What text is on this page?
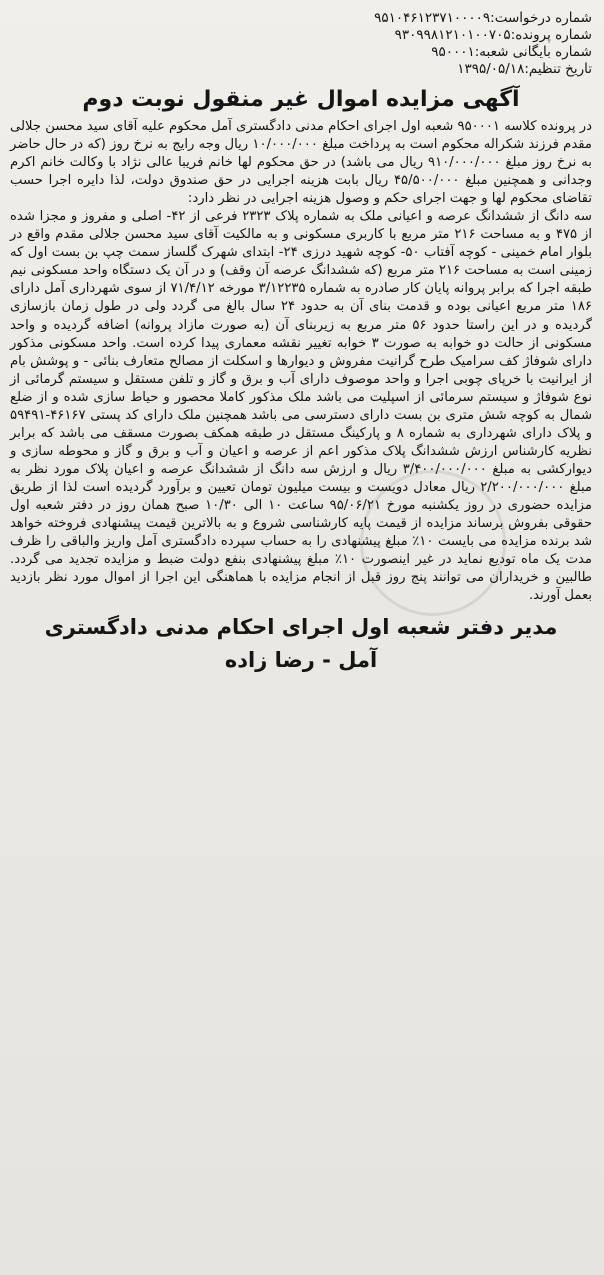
شماره درخواست:۹۵۱۰۴۶۱۲۳۷۱۰۰۰۰۹
شماره پرونده:۹۳۰۹۹۸۱۲۱۰۱۰۰۷۰۵
شماره بایگانی شعبه:۹۵۰۰۰۱
تاریخ تنظیم:۱۳۹۵/۰۵/۱۸
آگهی مزایده اموال غیر منقول نوبت دوم

در پرونده کلاسه ۹۵۰۰۰۱ شعبه اول اجرای احکام مدنی دادگستری آمل محکوم علیه آقای سید محسن جلالی مقدم فرزند شکراله محکوم است به پرداخت مبلغ ۱۰/۰۰۰/۰۰۰ ریال وجه رایج به نرخ روز (که در حال حاضر به نرخ روز مبلغ ۹۱۰/۰۰۰/۰۰۰ ریال می باشد) در حق محکوم لها خانم فریبا عالی نژاد با وکالت خانم اکرم وجدانی و همچنین مبلغ ۴۵/۵۰۰/۰۰۰ ریال بابت هزینه اجرایی در حق صندوق دولت، لذا دایره اجرا حسب تقاضای محکوم لها و جهت اجرای حکم و وصول هزینه اجرایی در نظر دارد:

سه دانگ از ششدانگ عرصه و اعیانی ملک به شماره پلاک ۲۳۲۳ فرعی از ۴۲- اصلی و مفروز و مجزا شده از ۴۷۵ و به مساحت ۲۱۶ متر مربع با کاربری مسکونی و به مالکیت آقای سید محسن جلالی مقدم واقع در بلوار امام خمینی - کوچه آفتاب ۵۰- کوچه شهید درزی ۲۴- ابتدای شهرک گلساز سمت چپ بن بست اول که زمینی است به مساحت ۲۱۶ متر مربع (که ششدانگ عرصه آن وقف) و در آن یک دستگاه واحد مسکونی نیم طبقه اجرا که برابر پروانه پایان کار صادره به شماره ۳/۱۲۲۳۵ مورخه ۷۱/۴/۱۲ از سوی شهرداری آمل دارای ۱۸۶ متر مربع اعیانی بوده و قدمت بنای آن به حدود ۲۴ سال بالغ می گردد ولی در طول زمان بازسازی گردیده و در این راستا حدود ۵۶ متر مربع به زیربنای آن (به صورت مازاد پروانه) اضافه گردیده و واحد مسکونی از حالت دو خوابه به صورت ۳ خوابه تغییر نقشه معماری پیدا کرده است. واحد مسکونی مذکور دارای شوفاژ کف سرامیک طرح گرانیت مفروش و دیوارها و اسکلت از مصالح متعارف بنائی - و پوشش بام از ایرانیت با خرپای چوبی اجرا و واحد موصوف دارای آب و برق و گاز و تلفن مستقل و سیستم گرمائی از نوع شوفاژ و سیستم سرمائی از اسپلیت می باشد ملک مذکور کاملا محصور و حیاط سازی شده و از ضلع شمال به کوچه شش متری بن بست دارای دسترسی می باشد همچنین ملک دارای کد پستی ۴۶۱۶۷-۵۹۴۹۱ و پلاک دارای شهرداری به شماره ۸ و پارکینگ مستقل در طبقه همکف بصورت مسقف می باشد که برابر نظریه کارشناس ارزش ششدانگ پلاک مذکور اعم از عرصه و اعیان و آب و برق و گاز و محوطه سازی و دیوارکشی به مبلغ ۳/۴۰۰/۰۰۰/۰۰۰ ریال و ارزش سه دانگ از ششدانگ عرصه و اعیان پلاک مورد نظر به مبلغ ۲/۲۰۰/۰۰۰/۰۰۰ ریال معادل دویست و بیست میلیون تومان تعیین و برآورد گردیده است لذا از طریق مزایده حضوری در روز یکشنبه مورخ ۹۵/۰۶/۲۱ ساعت ۱۰ الی ۱۰/۳۰ صبح همان روز در دفتر شعبه اول حقوقی بفروش برساند مزایده از قیمت پایه کارشناسی شروع و به بالاترین قیمت پیشنهادی فروخته خواهد شد برنده مزایده می بایست ۱۰٪ مبلغ پیشنهادی را به حساب سپرده دادگستری آمل واریز والباقی را ظرف مدت یک ماه تودیع نماید در غیر اینصورت ۱۰٪ مبلغ پیشنهادی بنفع دولت ضبط و مزایده تجدید می گردد. طالبین و خریداران می توانند پنج روز قبل از انجام مزایده با هماهنگی این اجرا از اموال مورد نظر بازدید بعمل آورند.

مدیر دفتر شعبه اول اجرای احکام مدنی دادگستری
آمل - رضا زاده
